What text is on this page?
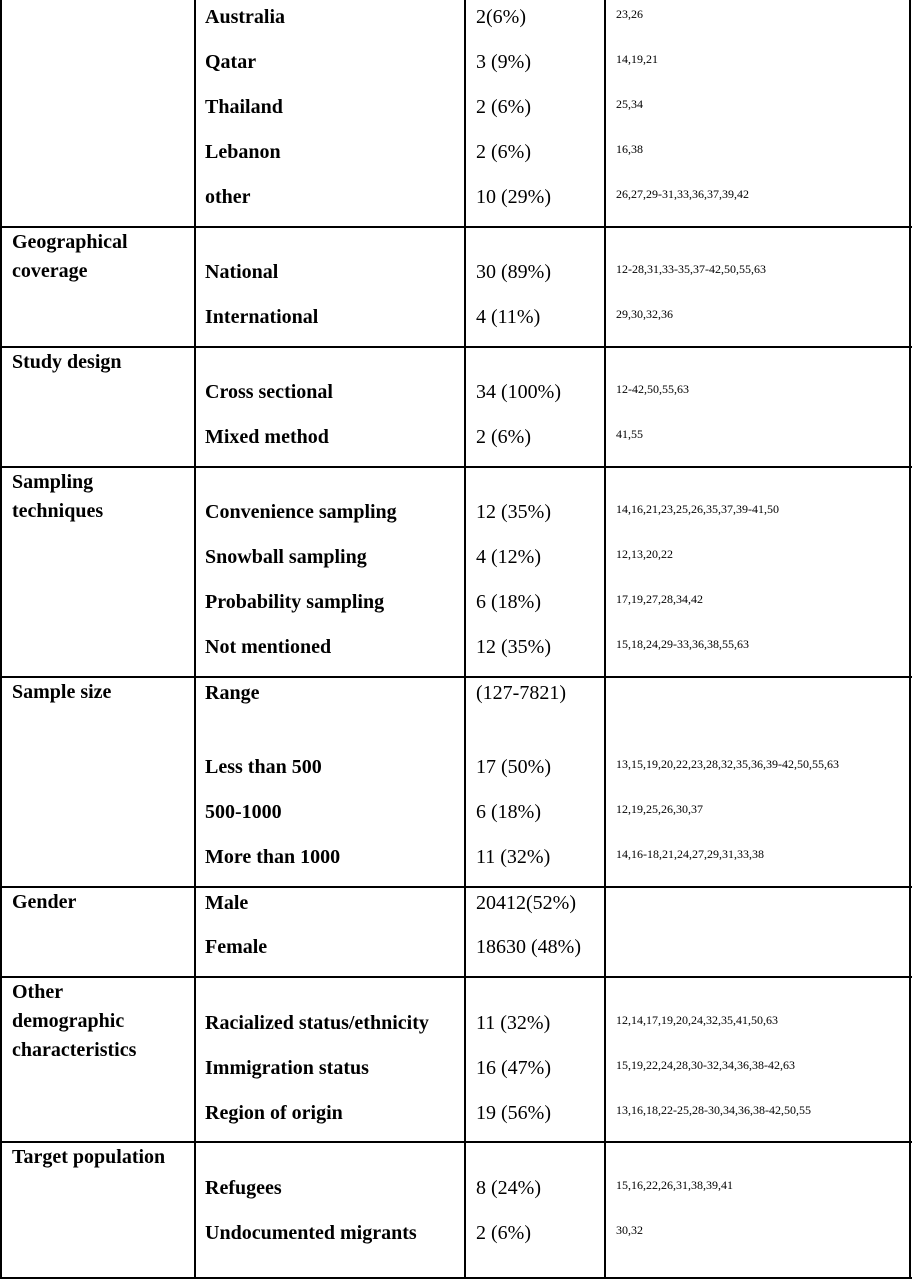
Australia	2(6%)	23,26
Qatar	3 (9%)	14,19,21
Thailand	2 (6%)	25,34
Lebanon	2 (6%)	16,38
other	10 (29%)	26,27,29-31,33,36,37,39,42
Geographical coverage	National	30 (89%)	12-28,31,33-35,37-42,50,55,63
International	4 (11%)	29,30,32,36
Study design
Cross sectional	34 (100%)	12-42,50,55,63
Mixed method	2 (6%)	41,55
Sampling techniques	Convenience sampling	12 (35%)	14,16,21,23,25,26,35,37,39-41,50
Snowball sampling	4 (12%)	12,13,20,22
Probability sampling	6 (18%)	17,19,27,28,34,42
Not mentioned	12 (35%)	15,18,24,29-33,36,38,55,63
Sample size	Range	(127-7821)
Less than 500	17 (50%)	13,15,19,20,22,23,28,32,35,36,39-42,50,55,63
500-1000	6 (18%)	12,19,25,26,30,37
More than 1000	11 (32%)	14,16-18,21,24,27,29,31,33,38
Gender	Male	20412(52%)
Female	18630 (48%)
Other demographic characteristics
Racialized status/ethnicity 11 (32%)	12,14,17,19,20,24,32,35,41,50,63
Immigration status	16 (47%)	15,19,22,24,28,30-32,34,36,38-42,63
Region of origin	19 (56%)	13,16,18,22-25,28-30,34,36,38-42,50,55
Target population
Refugees	8 (24%)	15,16,22,26,31,38,39,41
Undocumented migrants	2 (6%)	30,32
